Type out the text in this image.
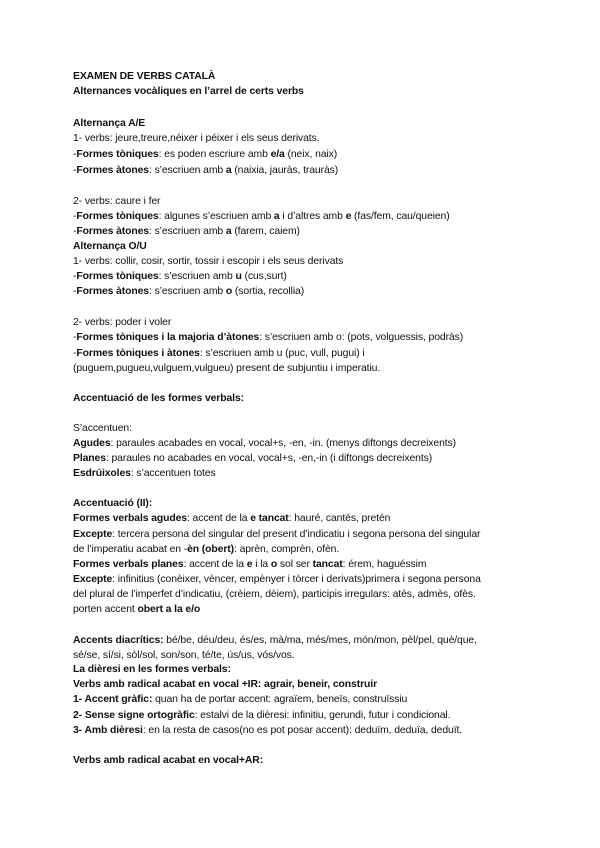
EXAMEN DE VERBS CATALÀ
Alternances vocàliques en l’arrel de certs verbs
Alternança A/E
1- verbs: jeure,treure,néixer i péixer i els seus derivats.
-Formes tòniques: es poden escriure amb e/a (neix, naix)
-Formes àtones: s’escriuen amb a (naixia, jauràs, trauràs)
2- verbs: caure i fer
-Formes tòniques: algunes s’escriuen amb a i d’altres amb e (fas/fem, cau/queien)
-Formes àtones: s’escriuen amb a (farem, caiem)
Alternança O/U
1- verbs: collir, cosir, sortir, tossir i escopir i els seus derivats
-Formes tòniques: s’escriuen amb u (cus,surt)
-Formes àtones: s’escriuen amb o (sortia, recollia)
2- verbs: poder i voler
-Formes tòniques i la majoria d’àtones: s’escriuen amb o: (pots, volguessis, podràs)
-Formes tòniques i àtones: s’escriuen amb u (puc, vull, pugui) i
(puguem,pugueu,vulguem,vulgueu) present de subjuntiu i imperatiu.
Accentuació de les formes verbals:
S’accentuen:
Agudes: paraules acabades en vocal, vocal+s, -en, -in. (menys diftongs decreixents)
Planes: paraules no acabades en vocal, vocal+s, -en,-in (i diftongs decreixents)
Esdrúixoles: s’accentuen totes
Accentuació (II):
Formes verbals agudes: accent de la e tancat: hauré, cantés, pretén
Excepte: tercera persona del singular del present d’indicatiu i segona persona del singular
de l’imperatiu acabat en -èn (obert): aprèn, comprèn, ofèn.
Formes verbals planes: accent de la e i la o sol ser tancat: érem, haguéssim
Excepte: infinitius (conèixer, vèncer, empènyer i tòrcer i derivats)primera i segona persona
del plural de l’imperfet d’indicatiu, (crèiem, dèiem), participis irregulars: atès, admès, ofès.
porten accent obert a la e/o
Accents diacrítics: bé/be, déu/deu, és/es, mà/ma, més/mes, món/mon, pèl/pel, què/que,
sé/se, sí/si, sòl/sol, son/son, té/te, ús/us, vós/vos.
La dièresi en les formes verbals:
Verbs amb radical acabat en vocal +IR: agrair, beneir, construir
1- Accent gràfic: quan ha de portar accent: agraïem, beneïs, construïssiu
2- Sense signe ortogràfic: estalvi de la dièresi: infinitiu, gerundi, futur i condicional.
3- Amb dièresi: en la resta de casos(no es pot posar accent): deduïm, deduïa, deduït.
Verbs amb radical acabat en vocal+AR:
